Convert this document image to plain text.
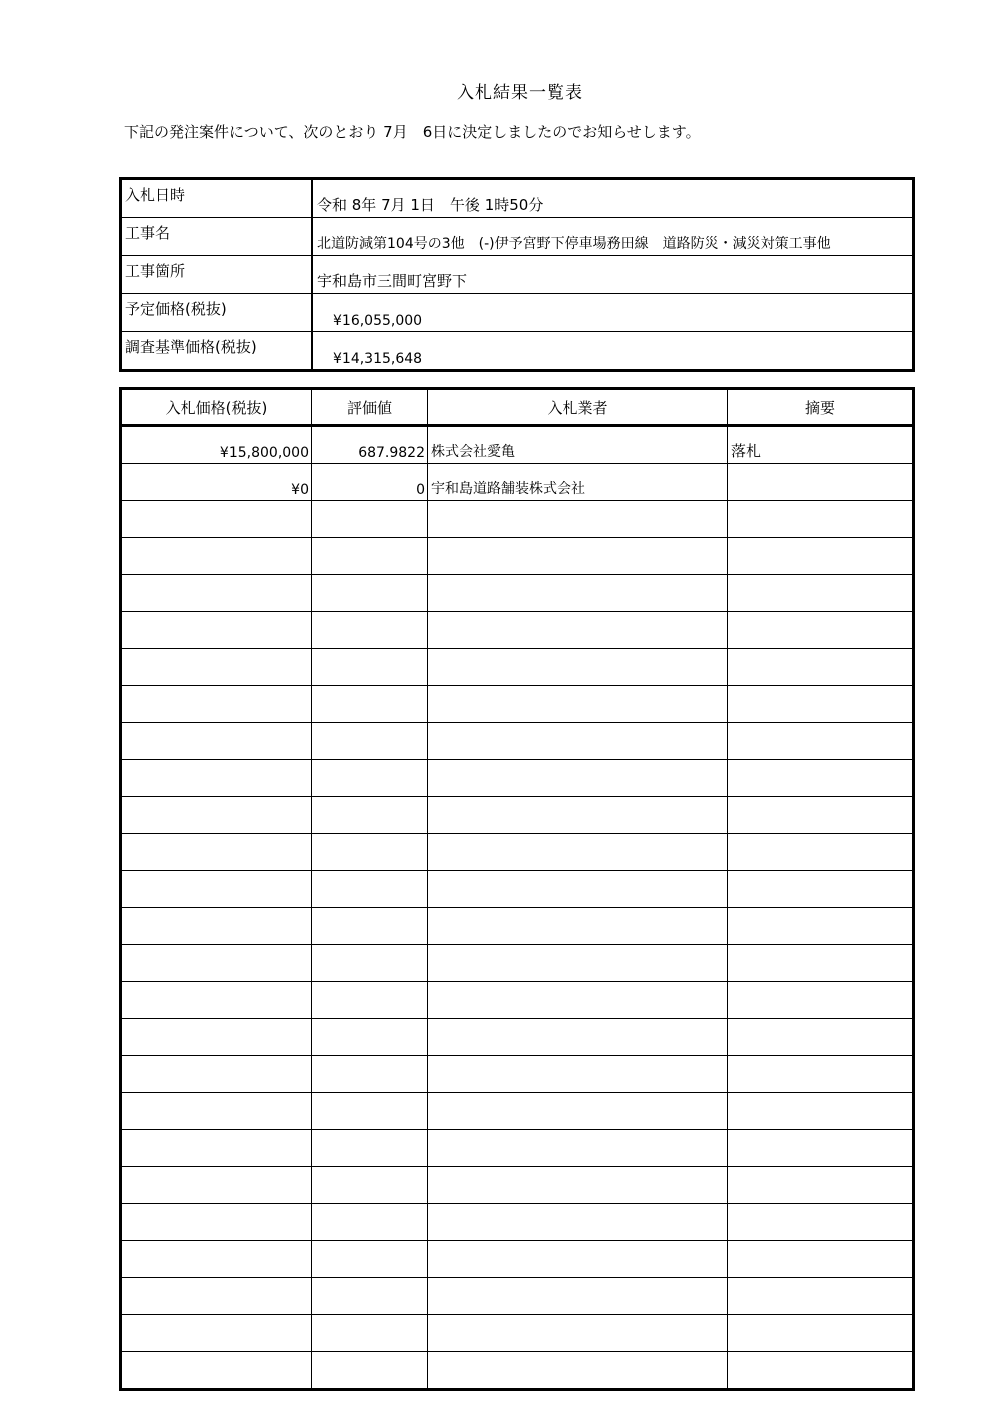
入札結果一覧表
下記の発注案件について、次のとおり 7月　6日に決定しましたのでお知らせします。
入札日時	令和 8年 7月 1日　午後 1時50分
工事名	北道防減第104号の3他　(-)伊予宮野下停車場務田線　道路防災・減災対策工事他
工事箇所	宇和島市三間町宮野下
予定価格(税抜)	¥16,055,000
調査基準価格(税抜)	¥14,315,648
入札価格(税抜)	評価値	入札業者	摘要
¥15,800,000	687.9822	株式会社愛亀	落札
¥0	0	宇和島道路舗装株式会社	
